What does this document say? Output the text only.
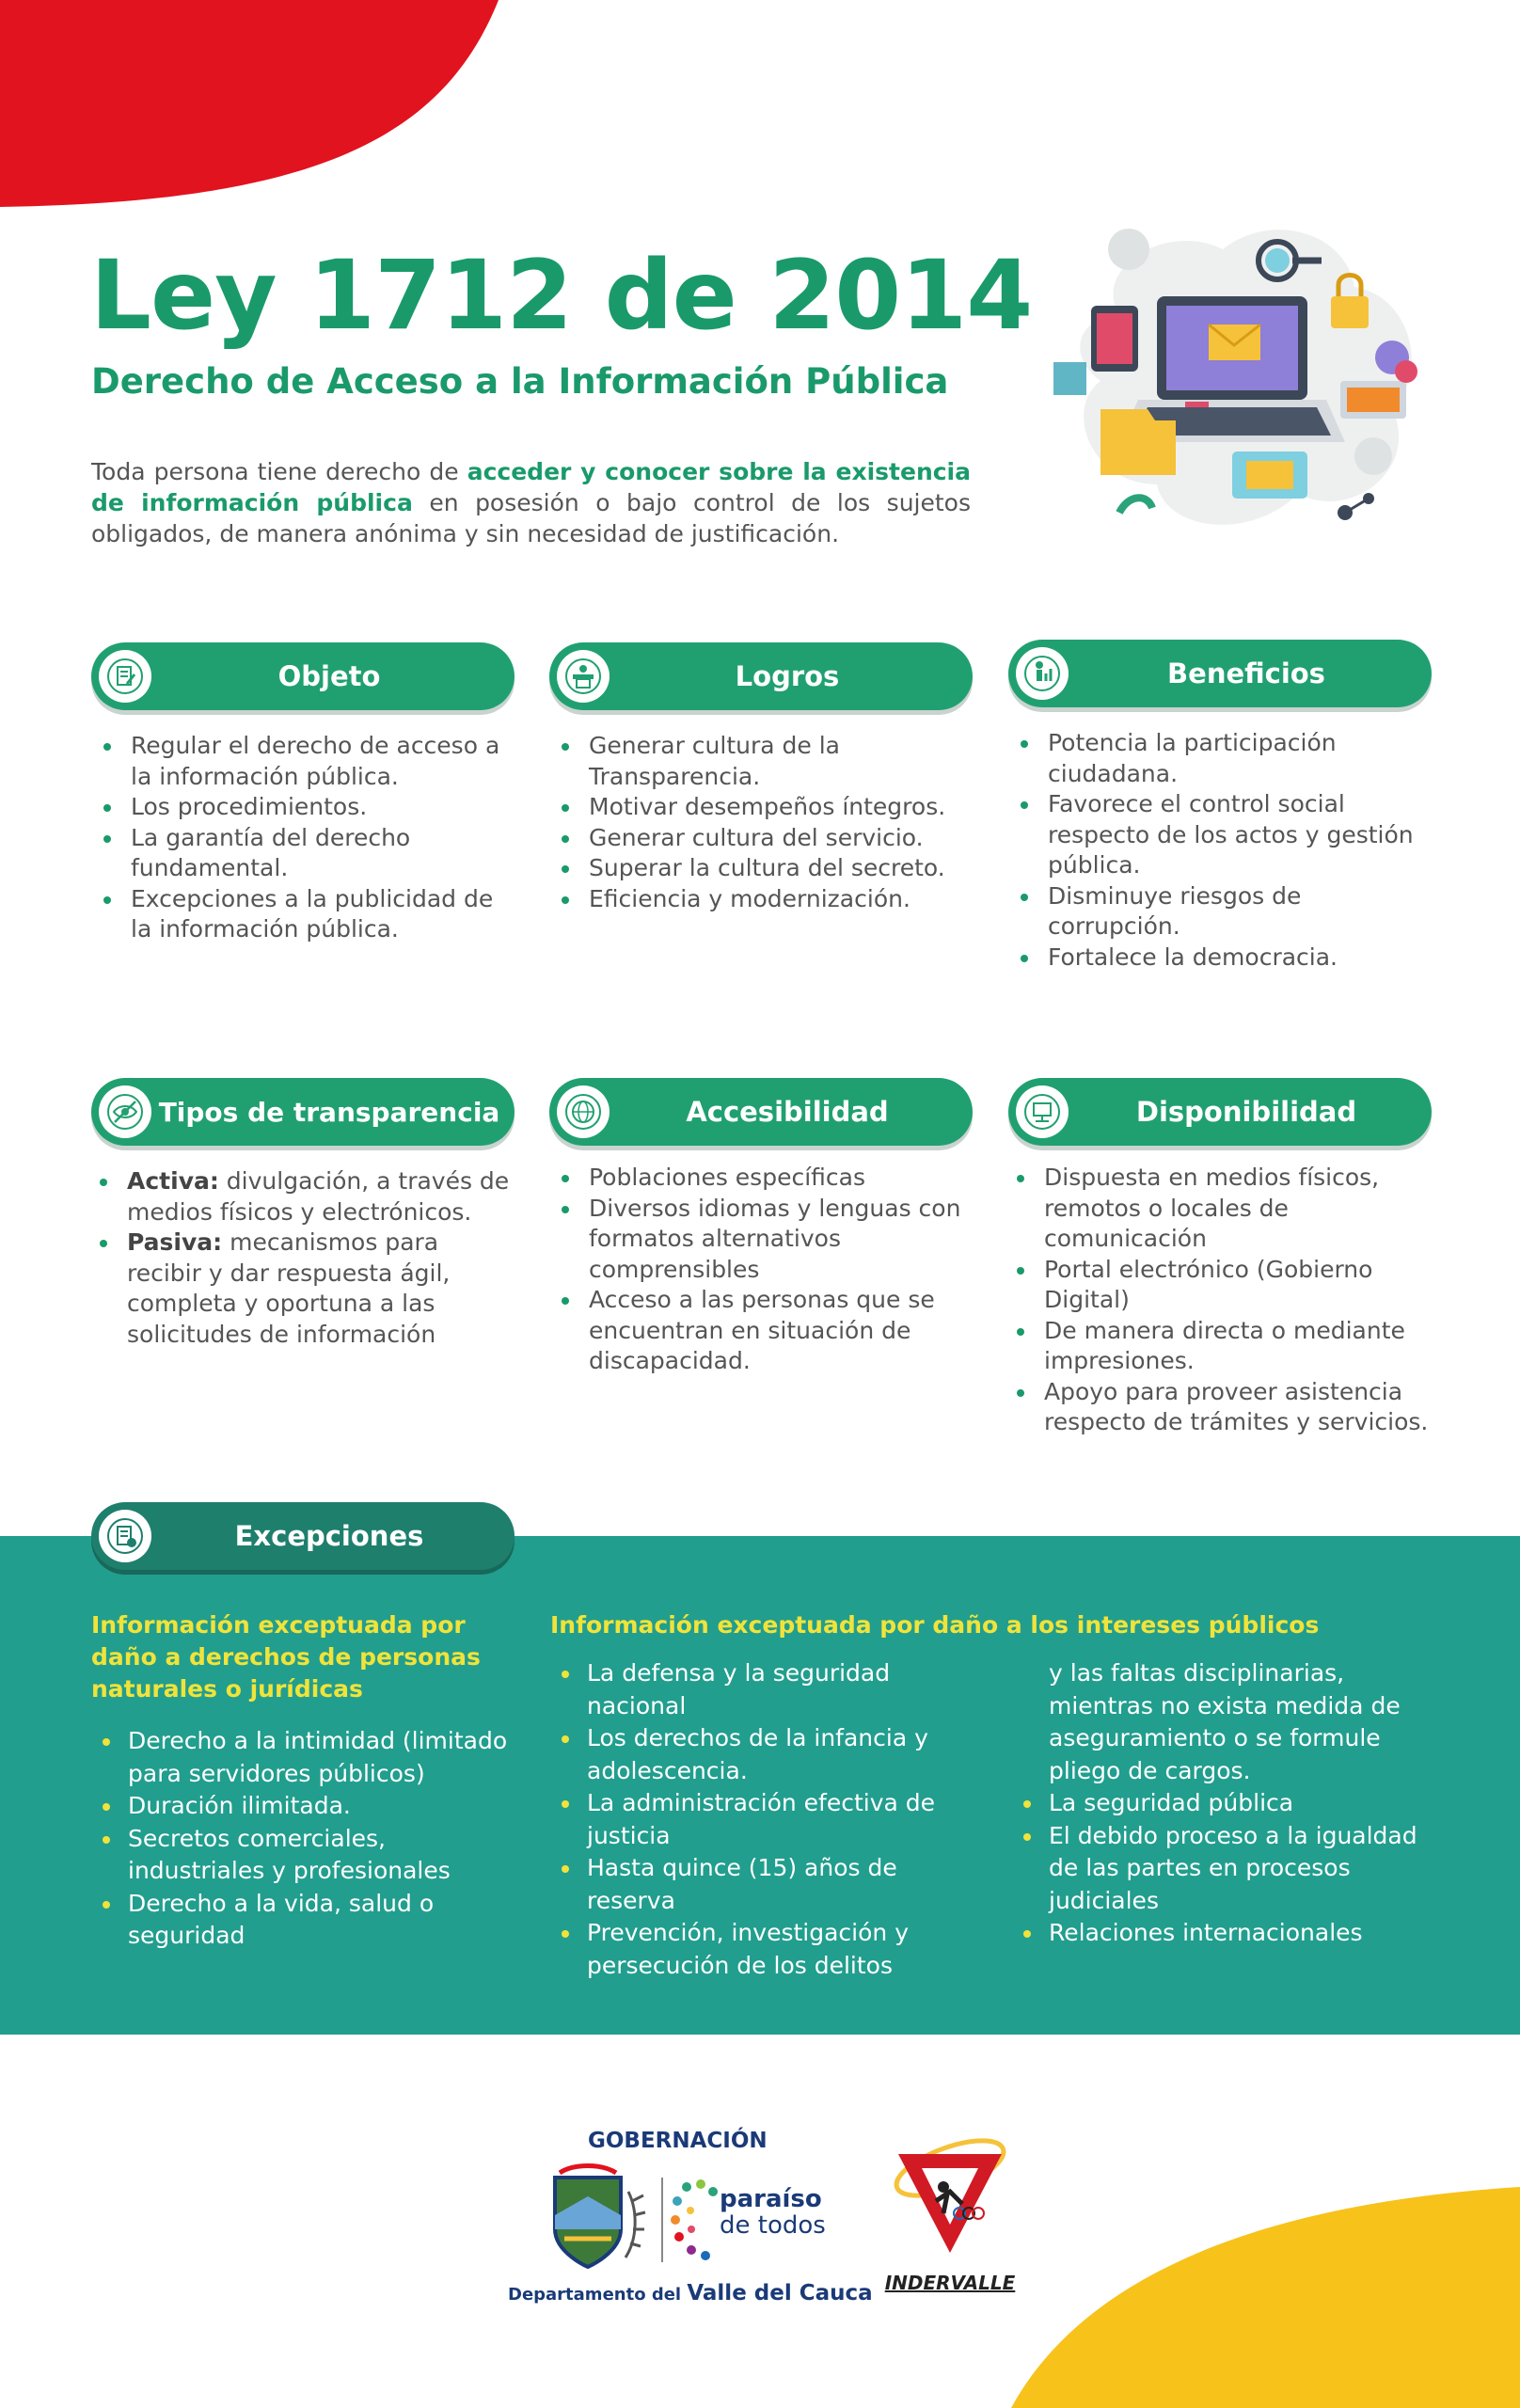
Ley 1712 de 2014
Derecho de Acceso a la Información Pública

Toda persona tiene derecho de acceder y conocer sobre la existencia de información pública en posesión o bajo control de los sujetos obligados, de manera anónima y sin necesidad de justificación.

Objeto
Regular el derecho de acceso a la información pública.
Los procedimientos.
La garantía del derecho fundamental.
Excepciones a la publicidad de la información pública.
Logros
Generar cultura de la Transparencia.
Motivar desempeños íntegros.
Generar cultura del servicio.
Superar la cultura del secreto.
Eficiencia y modernización.
Beneficios
Potencia la participación ciudadana.
Favorece el control social respecto de los actos y gestión pública.
Disminuye riesgos de corrupción.
Fortalece la democracia.
Tipos de transparencia
Activa: divulgación, a través de medios físicos y electrónicos.
Pasiva: mecanismos para recibir y dar respuesta ágil, completa y oportuna a las solicitudes de información
Accesibilidad
Poblaciones específicas
Diversos idiomas y lenguas con formatos alternativos comprensibles
Acceso a las personas que se encuentran en situación de discapacidad.
Disponibilidad
Dispuesta en medios físicos, remotos o locales de comunicación
Portal electrónico (Gobierno Digital)
De manera directa o mediante impresiones.
Apoyo para proveer asistencia respecto de trámites y servicios.
Excepciones
Información exceptuada por daño a derechos de personas naturales o jurídicas
Derecho a la intimidad (limitado para servidores públicos)
Duración ilimitada.
Secretos comerciales, industriales y profesionales
Derecho a la vida, salud o seguridad
Información exceptuada por daño a los intereses públicos
La defensa y la seguridad nacional
Los derechos de la infancia y adolescencia.
La administración efectiva de justicia
Hasta quince (15) años de reserva
Prevención, investigación y persecución de los delitos
y las faltas disciplinarias, mientras no exista medida de aseguramiento o se formule pliego de cargos.
La seguridad pública
El debido proceso a la igualdad de las partes en procesos judiciales
Relaciones internacionales
GOBERNACIÓN
paraíso
de todos
Departamento del Valle del Cauca INDERVALLE
